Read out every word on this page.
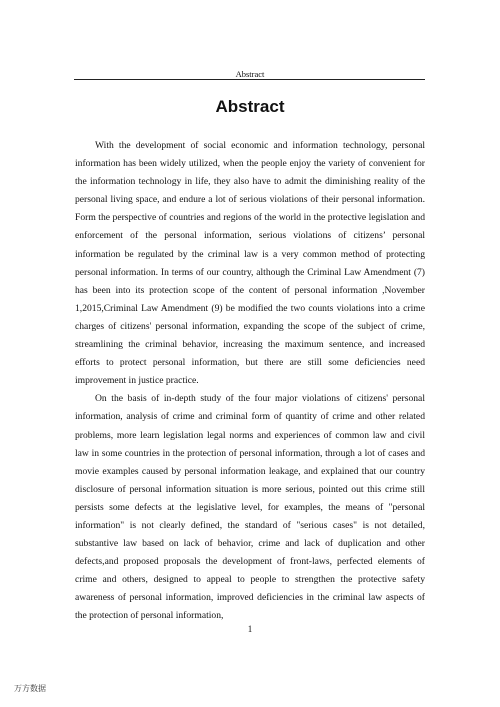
Abstract
Abstract

With the development of social economic and information technology, personal information has been widely utilized, when the people enjoy the variety of convenient for the information technology in life, they also have to admit the diminishing reality of the personal living space, and endure a lot of serious violations of their personal information. Form the perspective of countries and regions of the world in the protective legislation and enforcement of the personal information, serious violations of citizens’ personal information be regulated by the criminal law is a very common method of protecting personal information. In terms of our country, although the Criminal Law Amendment (7) has been into its protection scope of the content of personal information ,November 1,2015,Criminal Law Amendment (9) be modified the two counts violations into a crime charges of citizens' personal information, expanding the scope of the subject of crime, streamlining the criminal behavior, increasing the maximum sentence, and increased efforts to protect personal information, but there are still some deficiencies need improvement in justice practice.

On the basis of in-depth study of the four major violations of citizens' personal information, analysis of crime and criminal form of quantity of crime and other related problems, more learn legislation legal norms and experiences of common law and civil law in some countries in the protection of personal information, through a lot of cases and movie examples caused by personal information leakage, and explained that our country disclosure of personal information situation is more serious, pointed out this crime still persists some defects at the legislative level, for examples, the means of "personal information" is not clearly defined, the standard of "serious cases" is not detailed, substantive law based on lack of behavior, crime and lack of duplication and other defects,and proposed proposals the development of front-laws, perfected elements of crime and others, designed to appeal to people to strengthen the protective safety awareness of personal information, improved deficiencies in the criminal law aspects of the protection of personal information,

1
万方数据
